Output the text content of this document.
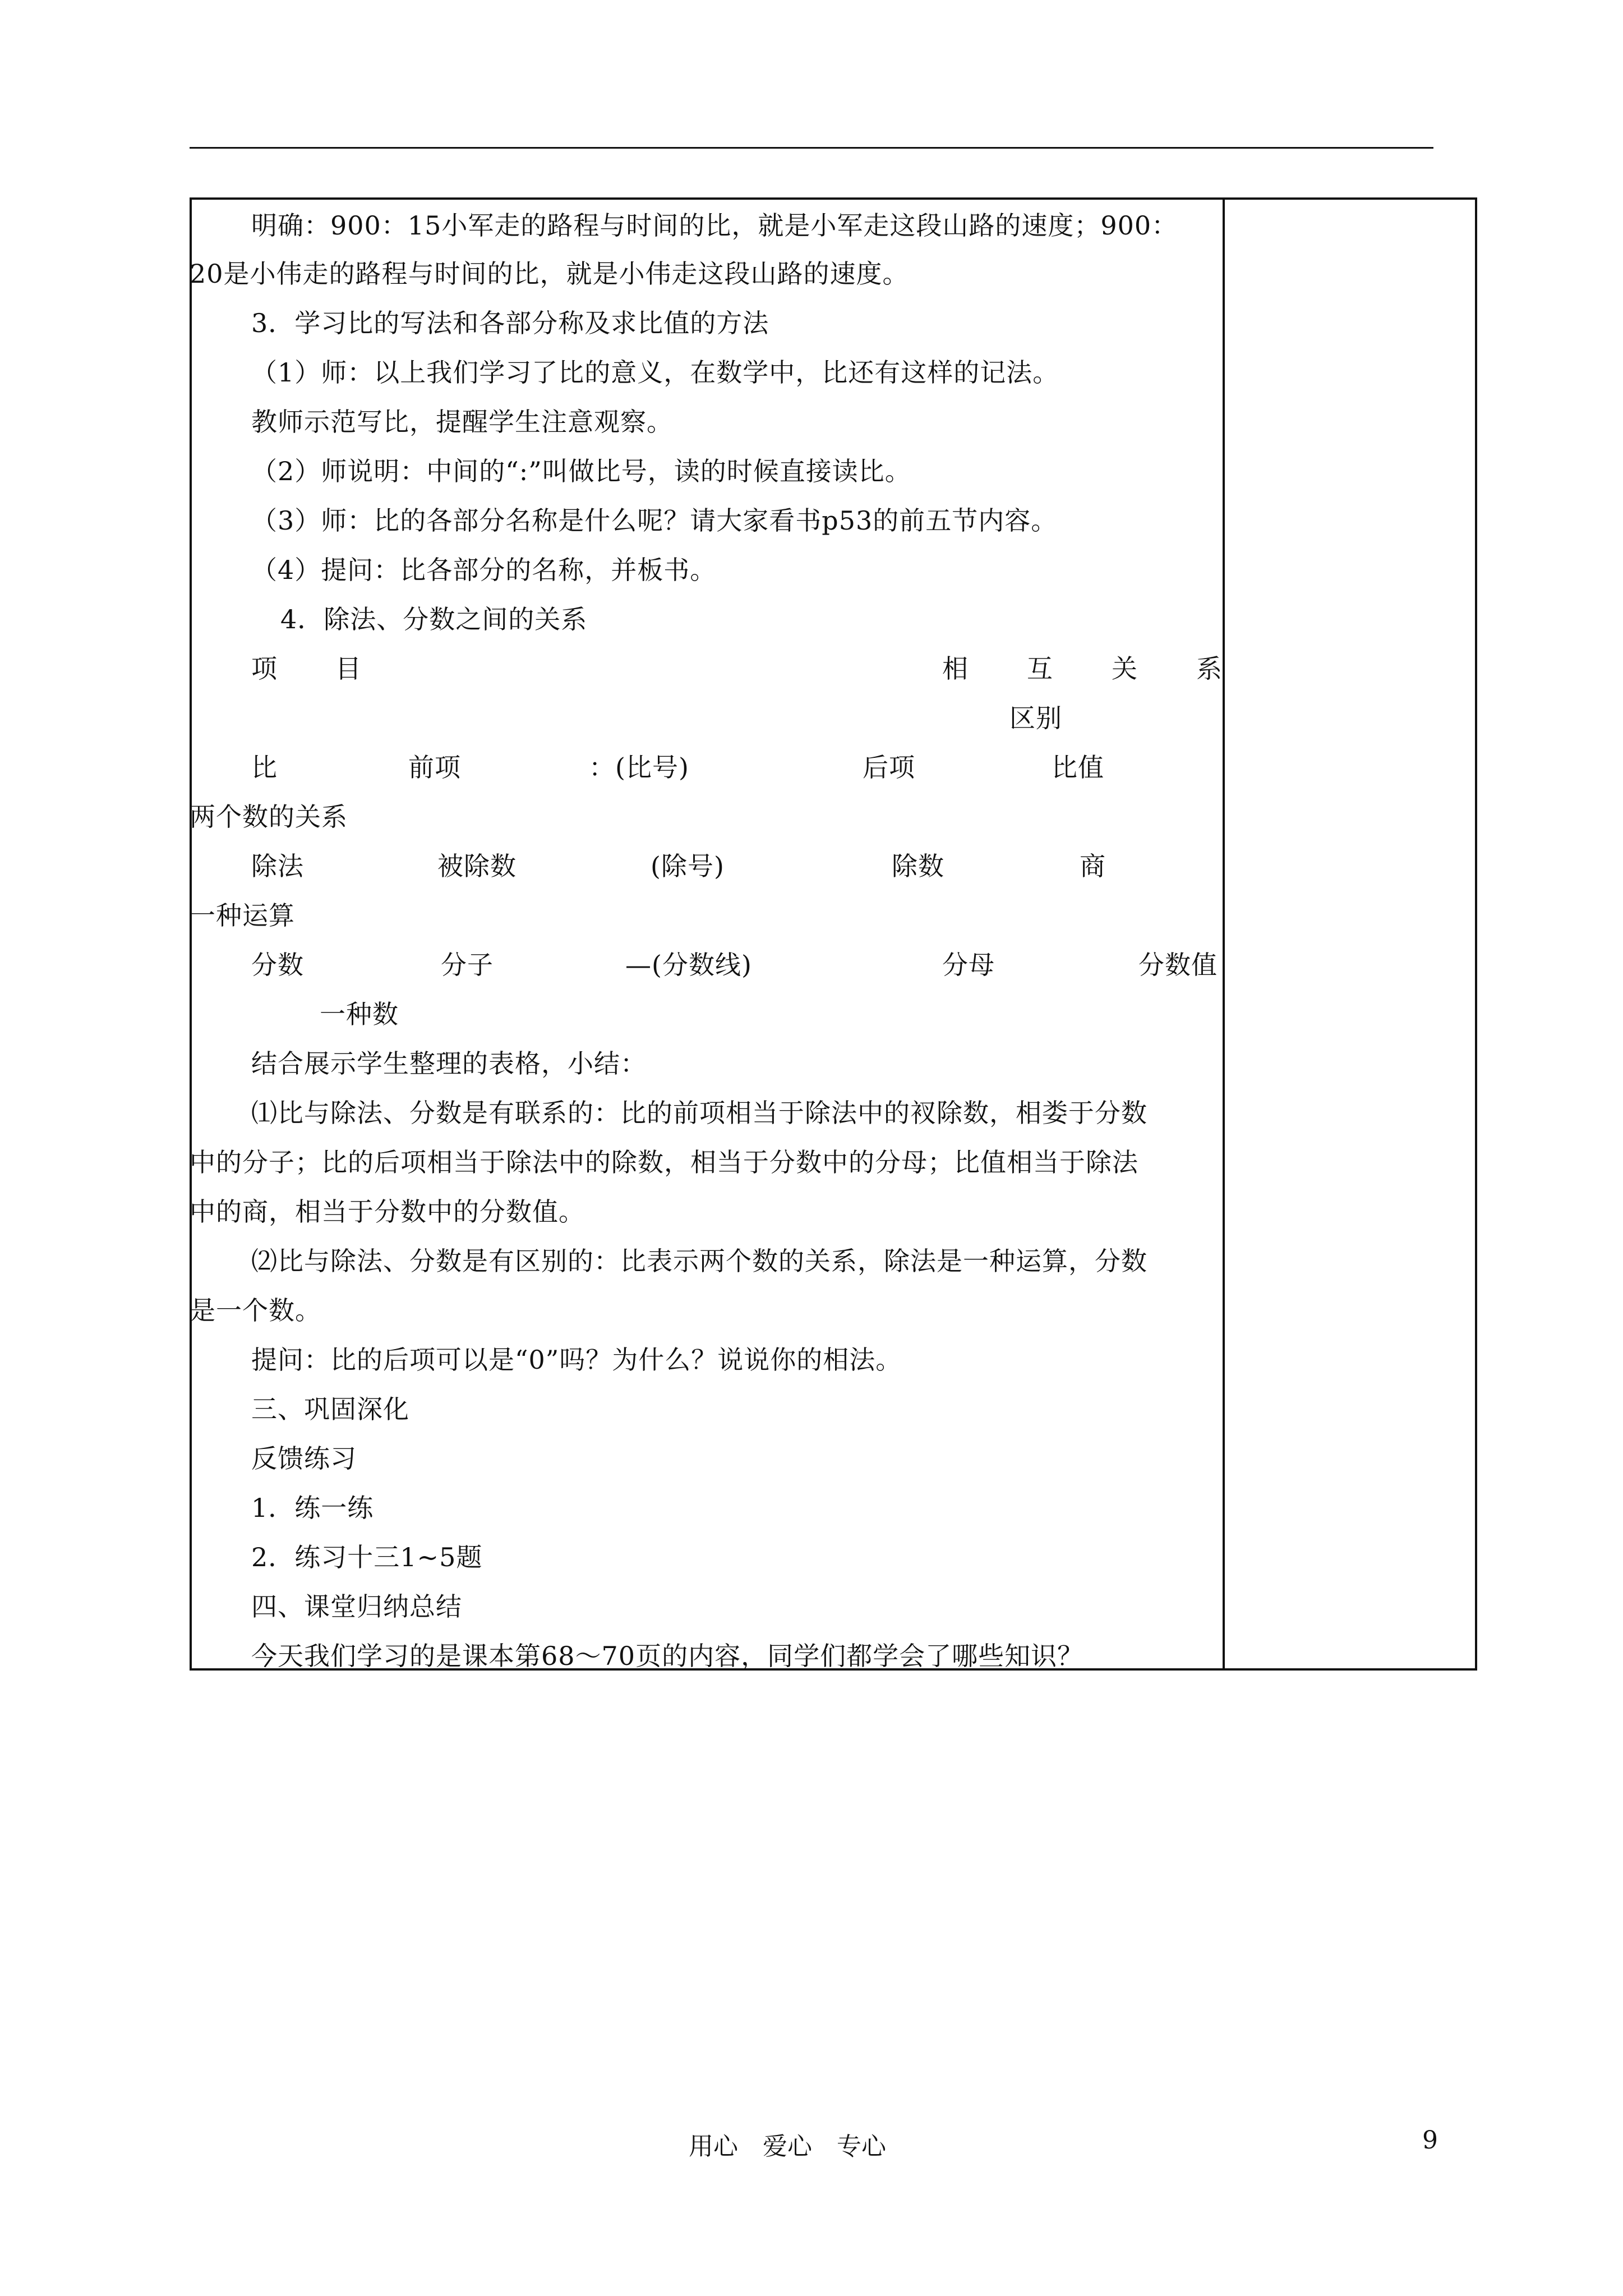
明确：900：15小军走的路程与时间的比，就是小军走这段山路的速度；900：
20是小伟走的路程与时间的比，就是小伟走这段山路的速度。
3．学习比的写法和各部分称及求比值的方法
（1）师：以上我们学习了比的意义，在数学中，比还有这样的记法。
教师示范写比，提醒学生注意观察。
（2）师说明：中间的“:”叫做比号，读的时候直接读比。
（3）师：比的各部分名称是什么呢？请大家看书p53的前五节内容。
（4）提问：比各部分的名称，并板书。
4．除法、分数之间的关系
项 目	相 互 关 系
区别
比	前项	：(比号)	后项	比值
两个数的关系
除法	被除数	(除号)	除数	商
一种运算
分数	分子	—(分数线)	分母	分数值
一种数
结合展示学生整理的表格，小结：
⑴比与除法、分数是有联系的：比的前项相当于除法中的衩除数，相娄于分数
中的分子；比的后项相当于除法中的除数，相当于分数中的分母；比值相当于除法
中的商，相当于分数中的分数值。
⑵比与除法、分数是有区别的：比表示两个数的关系，除法是一种运算，分数
是一个数。
提问：比的后项可以是“0”吗？为什么？说说你的相法。
三、巩固深化
反馈练习
1．练一练
2．练习十三1~5题
四、课堂归纳总结
今天我们学习的是课本第68～70页的内容，同学们都学会了哪些知识？
用心　爱心　专心	9
